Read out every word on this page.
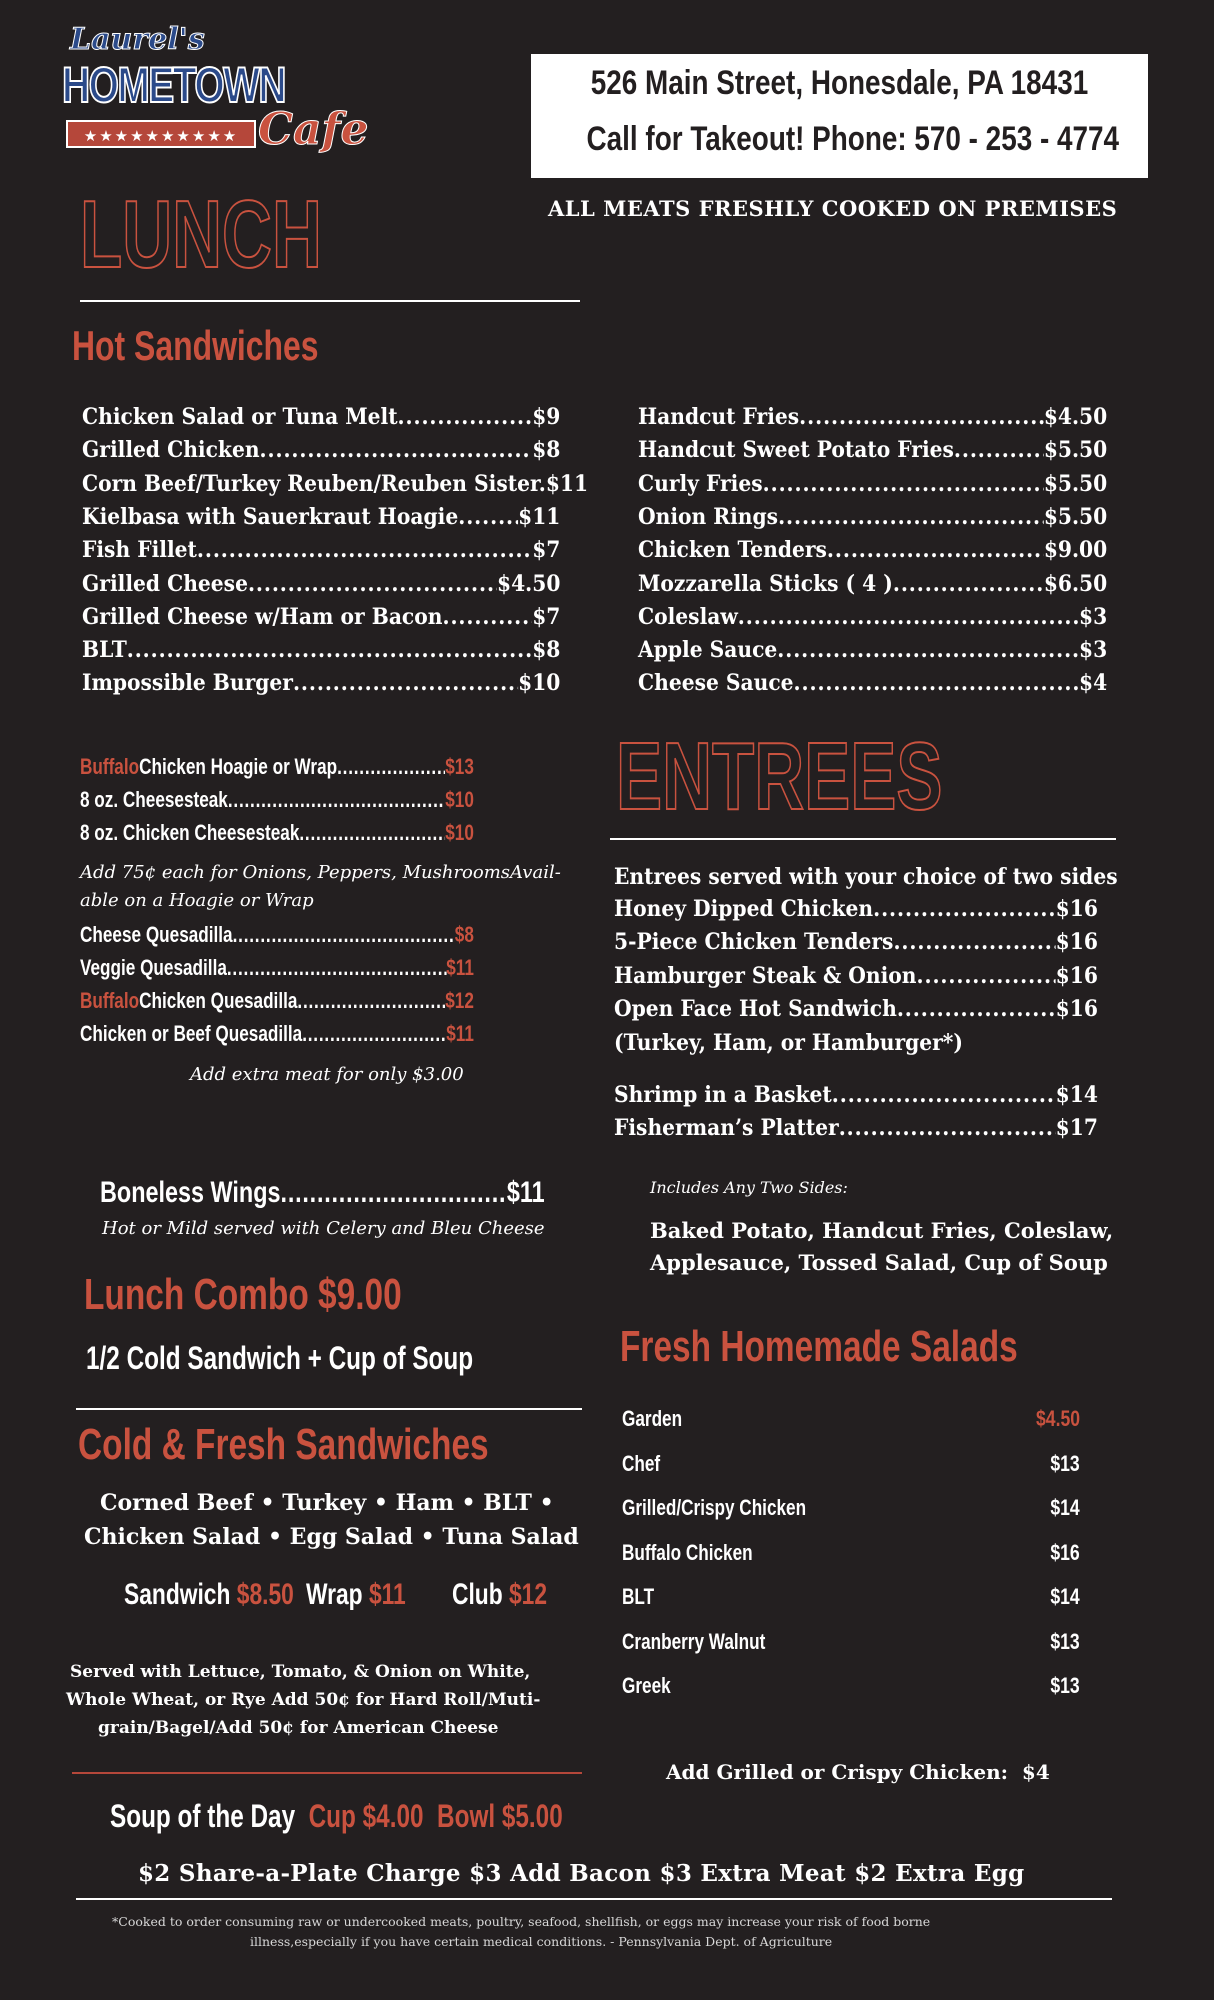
Laurel's
HOMETOWN
★★★★★★★★★★ Cafe
526 Main Street, Honesdale, PA 18431
Call for Takeout! Phone: 570 - 253 - 4774
ALL MEATS FRESHLY COOKED ON PREMISES
LUNCH
Hot Sandwiches
Chicken Salad or Tuna Melt .....	$9
Grilled Chicken .....	$8
Corn Beef/Turkey Reuben/Reuben Sister. $11
Kielbasa with Sauerkraut Hoagie .....	$11
Fish Fillet .....	$7
Grilled Cheese .....	$4.50
Grilled Cheese w/Ham or Bacon .....	$7
BLT .....	$8
Impossible Burger .....	$10
Handcut Fries .....	$4.50
Handcut Sweet Potato Fries .....	$5.50
Curly Fries .....	$5.50
Onion Rings .....	$5.50
Chicken Tenders .....	$9.00
Mozzarella Sticks ( 4 ) .....	$6.50
Coleslaw .....	$3
Apple Sauce .....	$3
Cheese Sauce .....	$4
Buffalo Chicken Hoagie or Wrap .....	$13
8 oz. Cheesesteak .....	$10
8 oz. Chicken Cheesesteak .....	$10
Add 75¢ each for Onions, Peppers, MushroomsAvail-
able on a Hoagie or Wrap
Cheese Quesadilla .....	$8
Veggie Quesadilla .....	$11
Buffalo Chicken Quesadilla .....	$12
Chicken or Beef Quesadilla .....	$11
Add extra meat for only $3.00
Boneless Wings .....	$11
Hot or Mild served with Celery and Bleu Cheese
Lunch Combo $9.00
1/2 Cold Sandwich + Cup of Soup
Cold & Fresh Sandwiches
Corned Beef • Turkey • Ham • BLT •
Chicken Salad • Egg Salad • Tuna Salad
Sandwich $8.50 Wrap $11 Club $12
Served with Lettuce, Tomato, & Onion on White,
Whole Wheat, or Rye Add 50¢ for Hard Roll/Muti-
grain/Bagel/Add 50¢ for American Cheese
Soup of the Day Cup $4.00 Bowl $5.00
ENTREES
Entrees served with your choice of two sides
Honey Dipped Chicken .....	$16
5-Piece Chicken Tenders .....	$16
Hamburger Steak & Onion .....	$16
Open Face Hot Sandwich .....	$16
(Turkey, Ham, or Hamburger*)
Shrimp in a Basket .....	$14
Fisherman’s Platter .....	$17
Includes Any Two Sides:
Baked Potato, Handcut Fries, Coleslaw,
Applesauce, Tossed Salad, Cup of Soup
Fresh Homemade Salads
Garden	$4.50
Chef	$13
Grilled/Crispy Chicken	$14
Buffalo Chicken	$16
BLT	$14
Cranberry Walnut	$13
Greek	$13
Add Grilled or Crispy Chicken:  $4
$2 Share-a-Plate Charge $3 Add Bacon $3 Extra Meat $2 Extra Egg
*Cooked to order consuming raw or undercooked meats, poultry, seafood, shellfish, or eggs may increase your risk of food borne
illness,especially if you have certain medical conditions. - Pennsylvania Dept. of Agriculture
